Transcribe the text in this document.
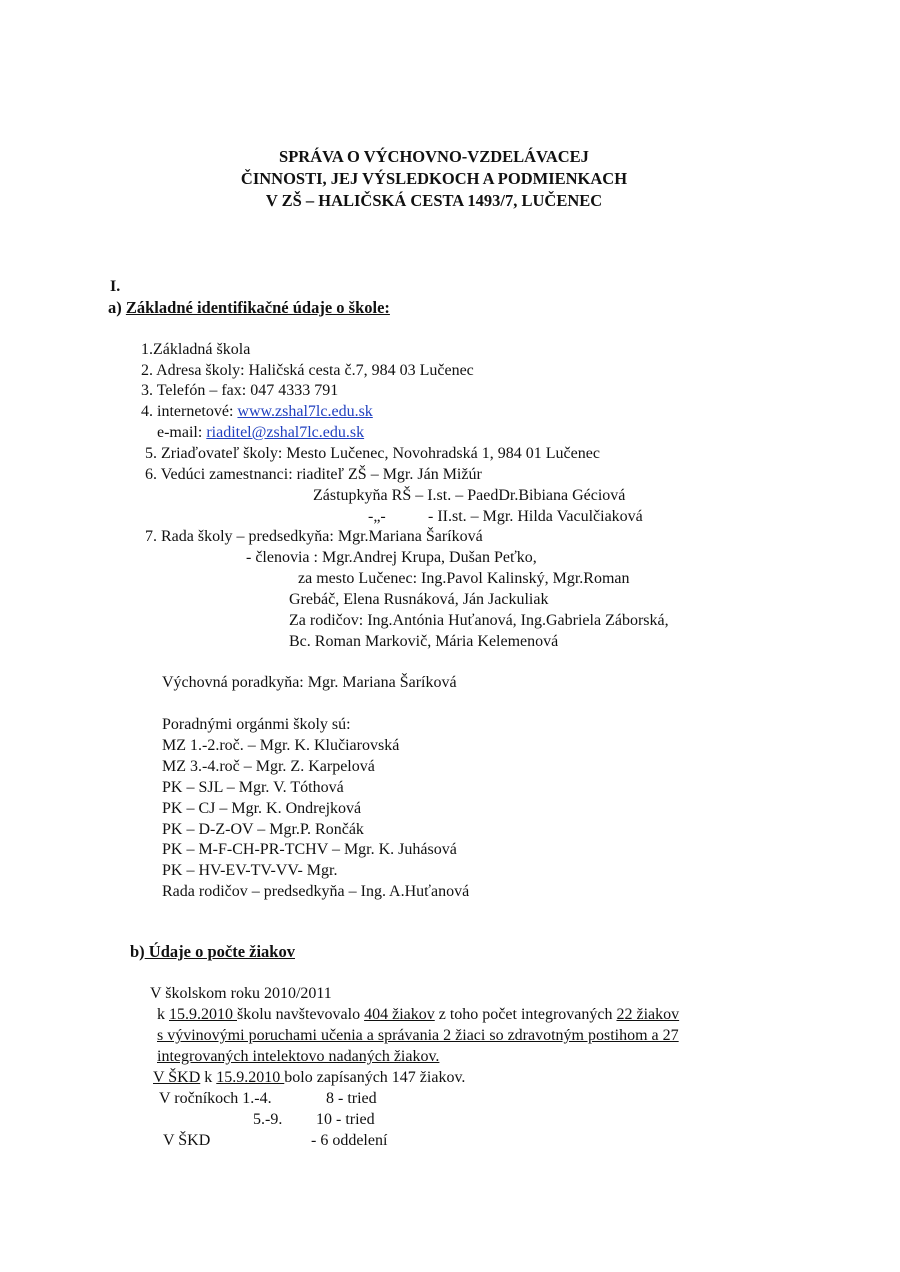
SPRÁVA O VÝCHOVNO-VZDELÁVACEJ
ČINNOSTI, JEJ VÝSLEDKOCH A PODMIENKACH
V ZŠ – HALIČSKÁ CESTA 1493/7, LUČENEC
I.
a) Základné identifikačné údaje o škole:
1.Základná škola
2. Adresa školy: Haličská cesta č.7, 984 03 Lučenec
3. Telefón – fax: 047 4333 791
4. internetové: www.zshal7lc.edu.sk
e-mail: riaditel@zshal7lc.edu.sk
5. Zriaďovateľ školy: Mesto Lučenec, Novohradská 1, 984 01 Lučenec
6. Vedúci zamestnanci: riaditeľ ZŠ – Mgr. Ján Mižúr
Zástupkyňa RŠ – I.st. – PaedDr.Bibiana Géciová
-„-	- II.st. – Mgr. Hilda Vaculčiaková
7. Rada školy – predsedkyňa: Mgr.Mariana Šaríková
- členovia : Mgr.Andrej Krupa, Dušan Peťko,
za mesto Lučenec: Ing.Pavol Kalinský, Mgr.Roman
Grebáč, Elena Rusnáková, Ján Jackuliak
Za rodičov: Ing.Antónia Huťanová, Ing.Gabriela Záborská,
Bc. Roman Markovič, Mária Kelemenová
Výchovná poradkyňa: Mgr. Mariana Šaríková
Poradnými orgánmi školy sú:
MZ 1.-2.roč. – Mgr. K. Klučiarovská
MZ 3.-4.roč – Mgr. Z. Karpelová
PK – SJL – Mgr. V. Tóthová
PK – CJ – Mgr. K. Ondrejková
PK – D-Z-OV – Mgr.P. Rončák
PK – M-F-CH-PR-TCHV – Mgr. K. Juhásová
PK – HV-EV-TV-VV- Mgr.
Rada rodičov – predsedkyňa – Ing. A.Huťanová
b) Údaje o počte žiakov
V školskom roku 2010/2011
k 15.9.2010 školu navštevovalo 404 žiakov z toho počet integrovaných 22 žiakov
s vývinovými poruchami učenia a správania 2 žiaci so zdravotným postihom a 27
integrovaných intelektovo nadaných žiakov.
V ŠKD k 15.9.2010 bolo zapísaných 147 žiakov.
V ročníkoch 1.-4.	8 - tried
5.-9. 10 - tried
V ŠKD	- 6 oddelení
